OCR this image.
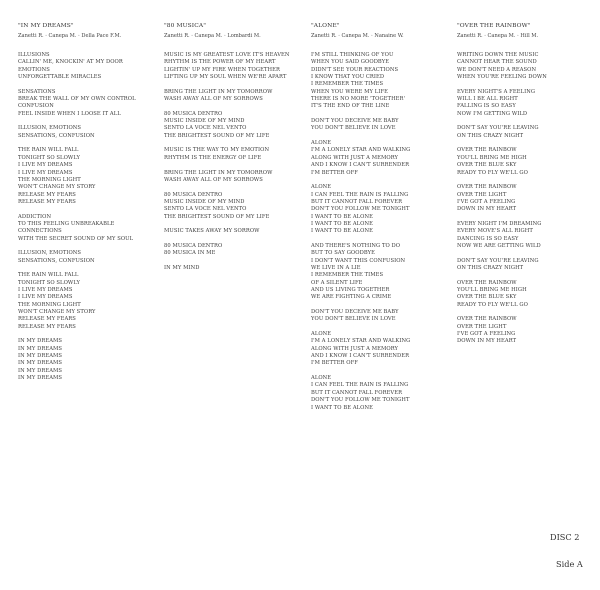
"IN MY DREAMS"
Zanetti R. · Canepa M. · Della Pace F.M.
ILLUSIONS
CALLIN' ME, KNOCKIN' AT MY DOOR
EMOTIONS
UNFORGETTABLE MIRACLES
SENSATIONS
BREAK THE WALL OF MY OWN CONTROL
CONFUSION
FEEL INSIDE WHEN I LOOSE IT ALL
ILLUSION, EMOTIONS
SENSATIONS, CONFUSION
THE RAIN WILL FALL
TONIGHT SO SLOWLY
I LIVE MY DREAMS
I LIVE MY DREAMS
THE MORNING LIGHT
WON'T CHANGE MY STORY
RELEASE MY FEARS
RELEASE MY FEARS
ADDICTION
TO THIS FEELING UNBREAKABLE
CONNECTIONS
WITH THE SECRET SOUND OF MY SOUL
ILLUSION, EMOTIONS
SENSATIONS, CONFUSION
THE RAIN WILL FALL
TONIGHT SO SLOWLY
I LIVE MY DREAMS
I LIVE MY DREAMS
THE MORNING LIGHT
WON'T CHANGE MY STORY
RELEASE MY FEARS
RELEASE MY FEARS
IN MY DREAMS
IN MY DREAMS
IN MY DREAMS
IN MY DREAMS
IN MY DREAMS
IN MY DREAMS
"80 MUSICA"
Zanetti R. · Canepa M. · Lombardi M.
MUSIC IS MY GREATEST LOVE IT'S HEAVEN
RHYTHM IS THE POWER OF MY HEART
LIGHTIN' UP MY FIRE WHEN TOGETHER
LIFTING UP MY SOUL WHEN WE'RE APART
BRING THE LIGHT IN MY TOMORROW
WASH AWAY ALL OF MY SORROWS
80 MUSICA DENTRO
MUSIC INSIDE OF MY MIND
SENTO LA VOCE NEL VENTO
THE BRIGHTEST SOUND OF MY LIFE
MUSIC IS THE WAY TO MY EMOTION
RHYTHM IS THE ENERGY OF LIFE
BRING THE LIGHT IN MY TOMORROW
WASH AWAY ALL OF MY SORROWS
80 MUSICA DENTRO
MUSIC INSIDE OF MY MIND
SENTO LA VOCE NEL VENTO
THE BRIGHTEST SOUND OF MY LIFE
MUSIC TAKES AWAY MY SORROW
80 MUSICA DENTRO
80 MUSICA IN ME
IN MY MIND
"ALONE"
Zanetti R. · Canepa M. · Nanaine W.
I'M STILL THINKING OF YOU
WHEN YOU SAID GOODBYE
DIDN'T SEE YOUR REACTIONS
I KNOW THAT YOU CRIED
I REMEMBER THE TIMES
WHEN YOU WERE MY LIFE
THERE IS NO MORE 'TOGETHER'
IT'S THE END OF THE LINE
DON'T YOU DECEIVE ME BABY
YOU DON'T BELIEVE IN LOVE
ALONE
I'M A LONELY STAR AND WALKING
ALONG WITH JUST A MEMORY
AND I KNOW I CAN'T SURRENDER
I'M BETTER OFF
ALONE
I CAN FEEL THE RAIN IS FALLING
BUT IT CANNOT FALL FOREVER
DON'T YOU FOLLOW ME TONIGHT
I WANT TO BE ALONE
I WANT TO BE ALONE
I WANT TO BE ALONE
AND THERE'S NOTHING TO DO
BUT TO SAY GOODBYE
I DON'T WANT THIS CONFUSION
WE LIVE IN A LIE
I REMEMBER THE TIMES
OF A SILENT LIFE
AND US LIVING TOGETHER
WE ARE FIGHTING A CRIME
DON'T YOU DECEIVE ME BABY
YOU DON'T BELIEVE IN LOVE
ALONE
I'M A LONELY STAR AND WALKING
ALONG WITH JUST A MEMORY
AND I KNOW I CAN'T SURRENDER
I'M BETTER OFF
ALONE
I CAN FEEL THE RAIN IS FALLING
BUT IT CANNOT FALL FOREVER
DON'T YOU FOLLOW ME TONIGHT
I WANT TO BE ALONE
"OVER THE RAINBOW"
Zanetti R. · Canepa M. · Hill M.
WRITING DOWN THE MUSIC
CANNOT HEAR THE SOUND
WE DON'T NEED A REASON
WHEN YOU'RE FEELING DOWN
EVERY NIGHT'S A FEELING
WILL I BE ALL RIGHT
FALLING IS SO EASY
NOW I'M GETTING WILD
DON'T SAY YOU'RE LEAVING
ON THIS CRAZY NIGHT
OVER THE RAINBOW
YOU'LL BRING ME HIGH
OVER THE BLUE SKY
READY TO FLY WE'LL GO
OVER THE RAINBOW
OVER THE LIGHT
I'VE GOT A FEELING
DOWN IN MY HEART
EVERY NIGHT I'M DREAMING
EVERY MOVE'S ALL RIGHT
DANCING IS SO EASY
NOW WE ARE GETTING WILD
DON'T SAY YOU'RE LEAVING
ON THIS CRAZY NIGHT
OVER THE RAINBOW
YOU'LL BRING ME HIGH
OVER THE BLUE SKY
READY TO FLY WE'LL GO
OVER THE RAINBOW
OVER THE LIGHT
I'VE GOT A FEELING
DOWN IN MY HEART
DISC 2
Side A
